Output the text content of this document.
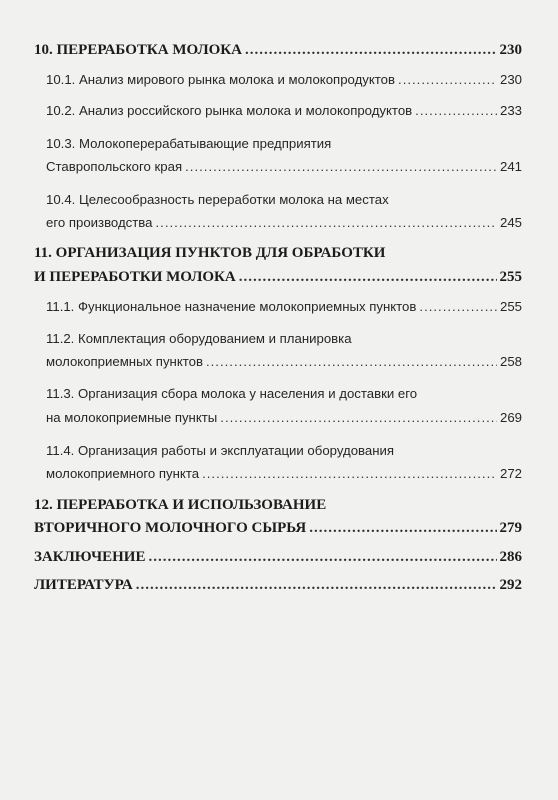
10. ПЕРЕРАБОТКА МОЛОКА .....	230
10.1. Анализ мирового рынка молока и молокопродуктов .....	230
10.2. Анализ российского рынка молока и молокопродуктов .....	233
10.3. Молокоперерабатывающие предприятия
Ставропольского края .....	241
10.4. Целесообразность переработки молока на местах
его производства .....	245
11. ОРГАНИЗАЦИЯ ПУНКТОВ ДЛЯ ОБРАБОТКИ
И ПЕРЕРАБОТКИ МОЛОКА .....	255
11.1. Функциональное назначение молокоприемных пунктов .....	255
11.2. Комплектация оборудованием и планировка
молокоприемных пунктов .....	258
11.3. Организация сбора молока у населения и доставки его
на молокоприемные пункты .....	269
11.4. Организация работы и эксплуатации оборудования
молокоприемного пункта .....	272
12. ПЕРЕРАБОТКА И ИСПОЛЬЗОВАНИЕ
ВТОРИЧНОГО МОЛОЧНОГО СЫРЬЯ .....	279
ЗАКЛЮЧЕНИЕ .....	286
ЛИТЕРАТУРА .....	292
